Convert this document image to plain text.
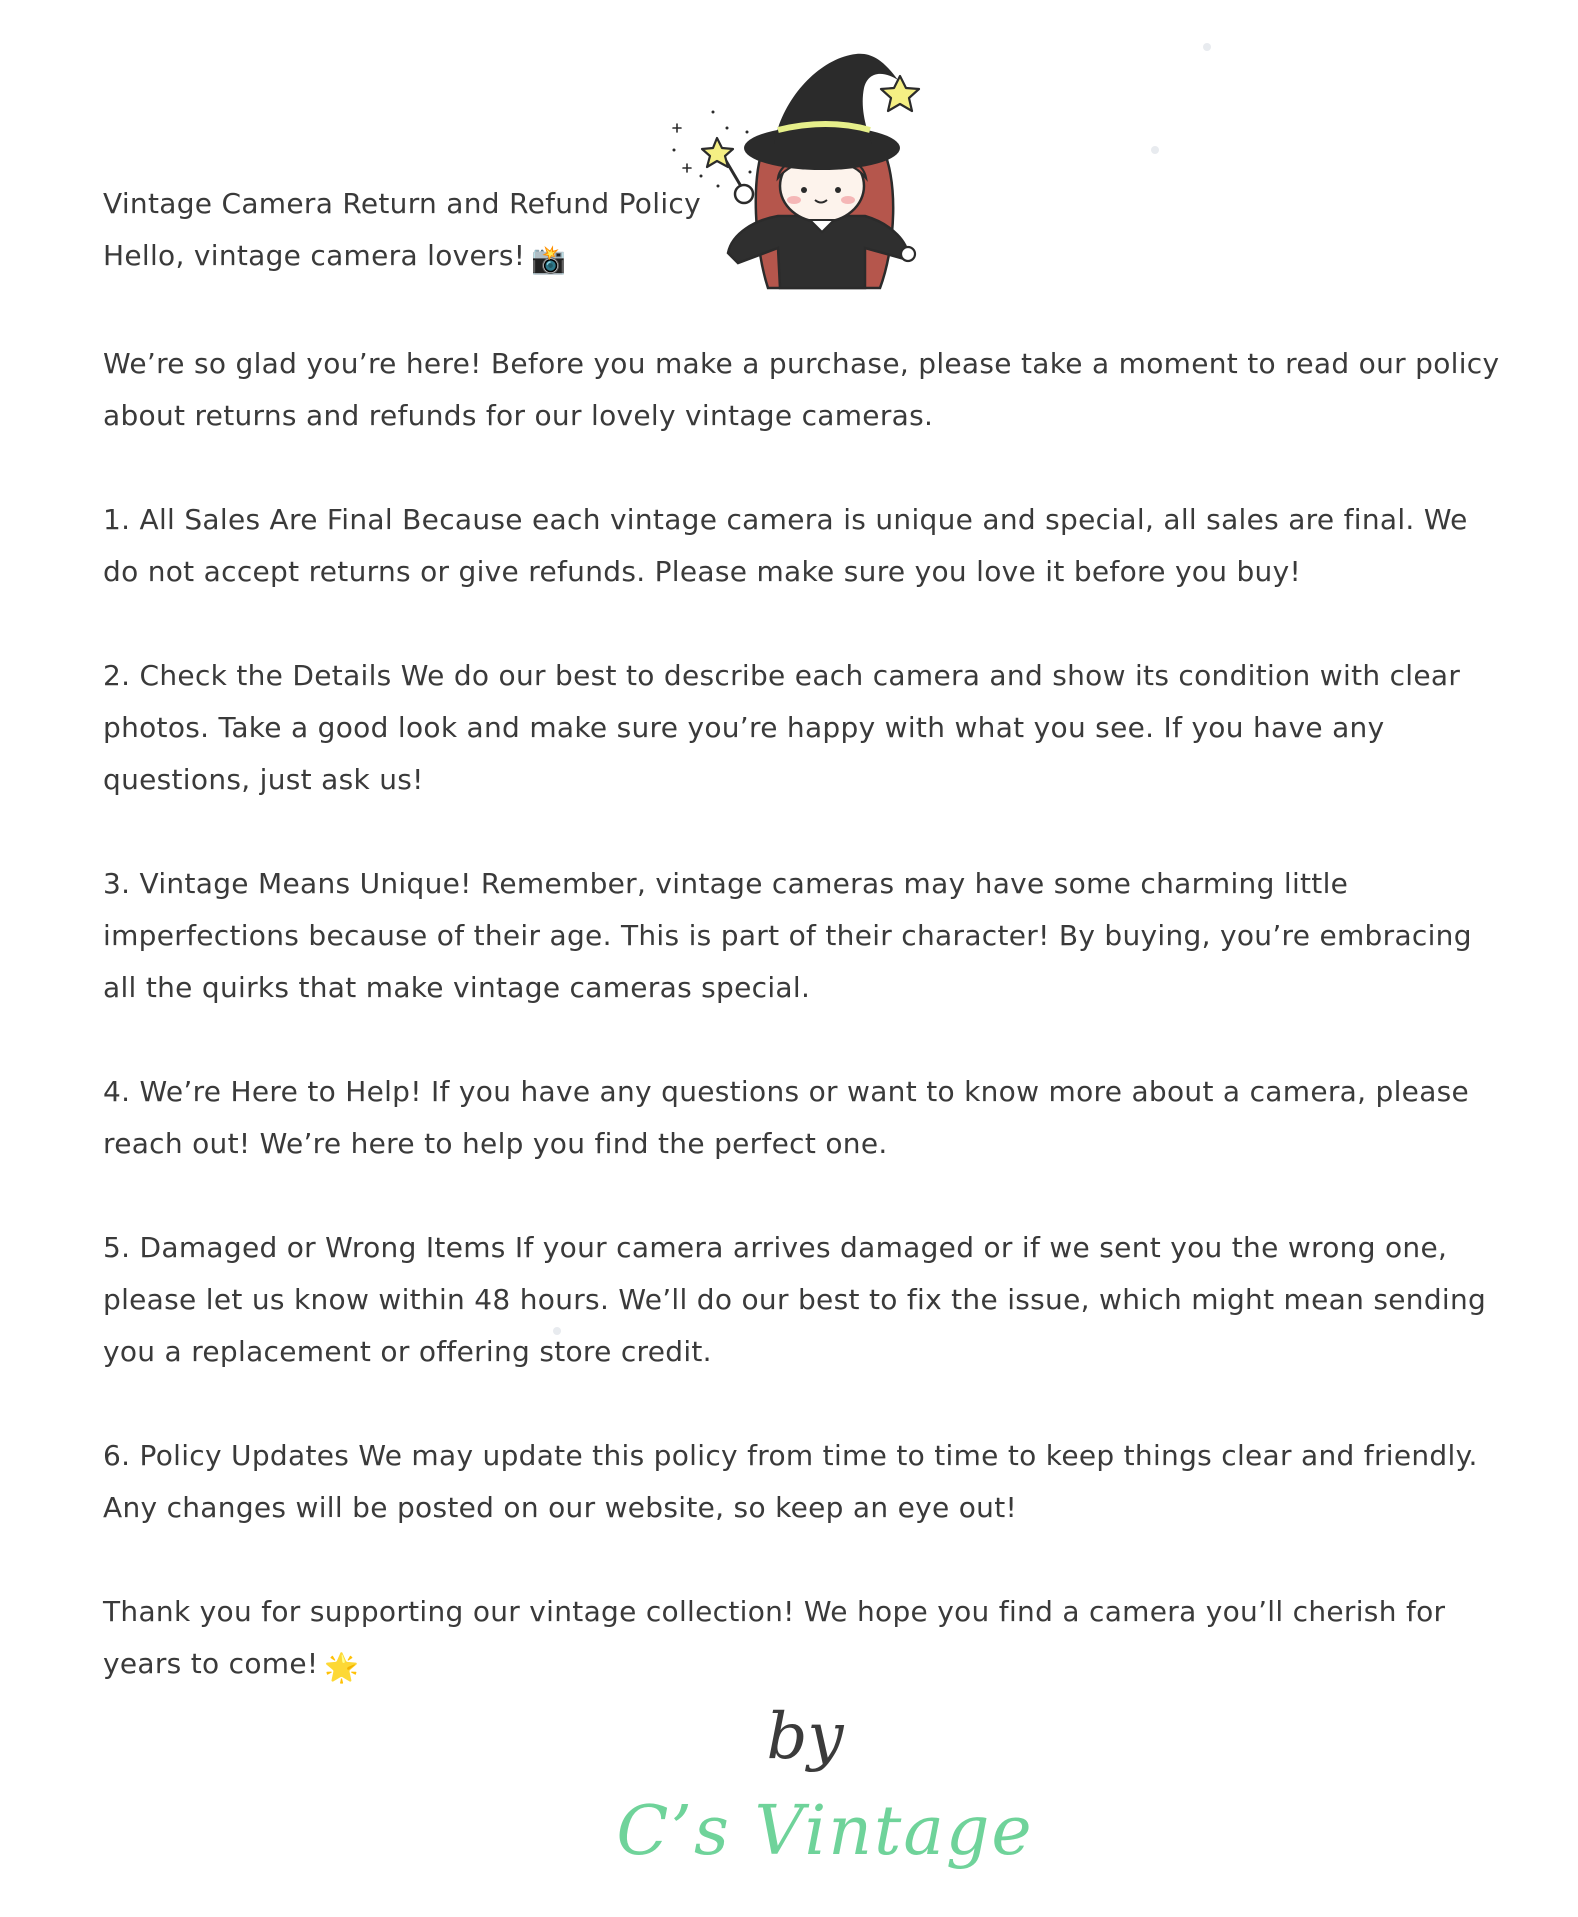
Vintage Camera Return and Refund Policy
Hello, vintage camera lovers! 📸

We’re so glad you’re here! Before you make a purchase, please take a moment to read our policy about returns and refunds for our lovely vintage cameras.

1. All Sales Are Final Because each vintage camera is unique and special, all sales are final. We do not accept returns or give refunds. Please make sure you love it before you buy!

2. Check the Details We do our best to describe each camera and show its condition with clear photos. Take a good look and make sure you’re happy with what you see. If you have any questions, just ask us!

3. Vintage Means Unique! Remember, vintage cameras may have some charming little imperfections because of their age. This is part of their character! By buying, you’re embracing all the quirks that make vintage cameras special.

4. We’re Here to Help! If you have any questions or want to know more about a camera, please reach out! We’re here to help you find the perfect one.

5. Damaged or Wrong Items If your camera arrives damaged or if we sent you the wrong one, please let us know within 48 hours. We’ll do our best to fix the issue, which might mean sending you a replacement or offering store credit.

6. Policy Updates We may update this policy from time to time to keep things clear and friendly. Any changes will be posted on our website, so keep an eye out!

Thank you for supporting our vintage collection! We hope you find a camera you’ll cherish for years to come! 🌟

by
C’s Vintage
